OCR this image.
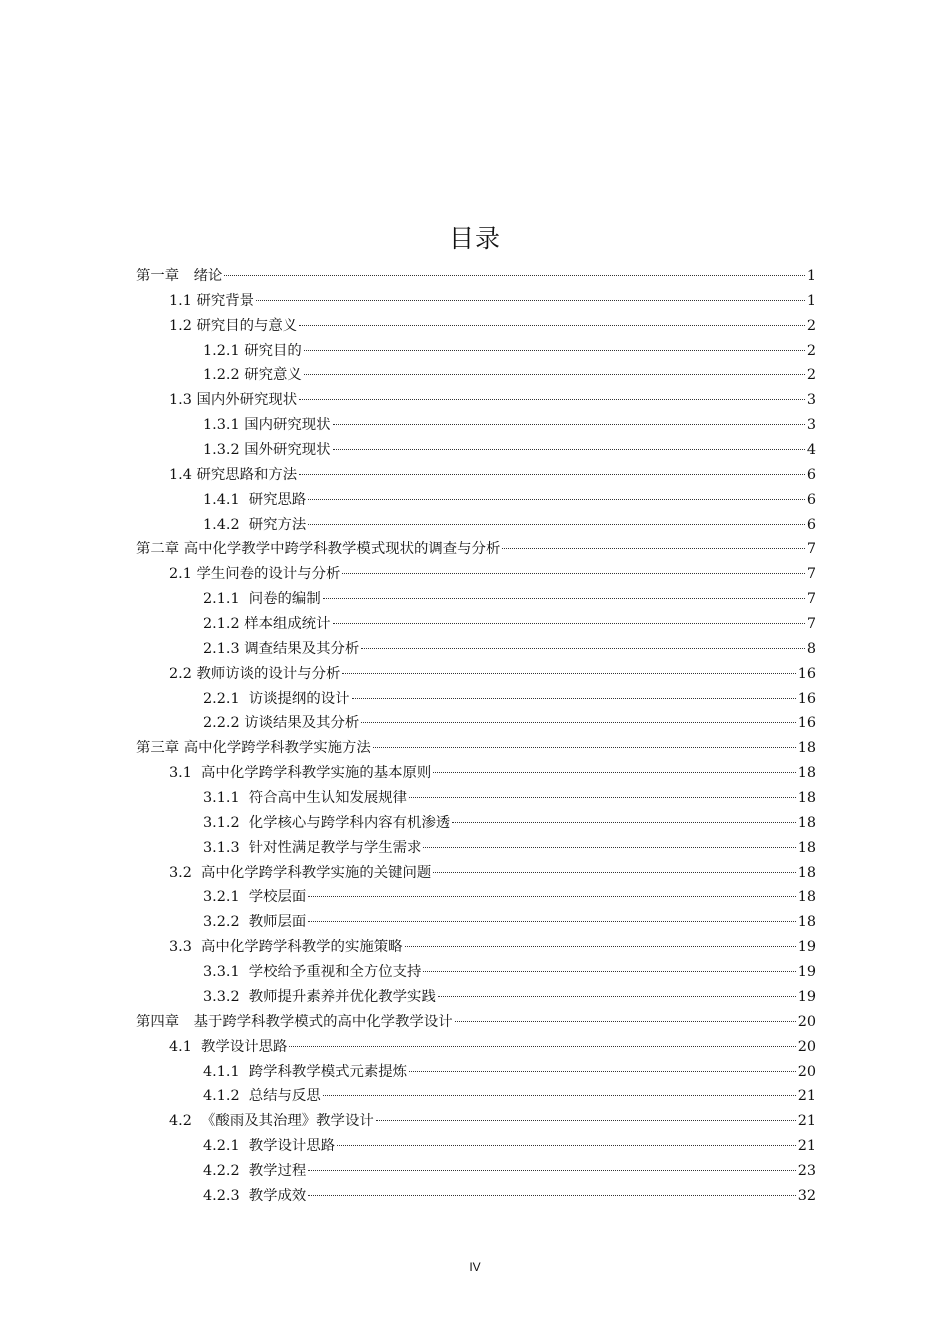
目录
第一章　绪论	1
1.1 研究背景	1
1.2 研究目的与意义	2
1.2.1 研究目的	2
1.2.2 研究意义	2
1.3 国内外研究现状	3
1.3.1 国内研究现状	3
1.3.2 国外研究现状	4
1.4 研究思路和方法	6
1.4.1  研究思路	6
1.4.2  研究方法	6
第二章 高中化学教学中跨学科教学模式现状的调查与分析	7
2.1 学生问卷的设计与分析	7
2.1.1  问卷的编制	7
2.1.2 样本组成统计	7
2.1.3 调查结果及其分析	8
2.2 教师访谈的设计与分析	16
2.2.1  访谈提纲的设计	16
2.2.2 访谈结果及其分析	16
第三章 高中化学跨学科教学实施方法	18
3.1  高中化学跨学科教学实施的基本原则	18
3.1.1  符合高中生认知发展规律	18
3.1.2  化学核心与跨学科内容有机渗透	18
3.1.3  针对性满足教学与学生需求	18
3.2  高中化学跨学科教学实施的关键问题	18
3.2.1  学校层面	18
3.2.2  教师层面	18
3.3  高中化学跨学科教学的实施策略	19
3.3.1  学校给予重视和全方位支持	19
3.3.2  教师提升素养并优化教学实践	19
第四章　基于跨学科教学模式的高中化学教学设计	20
4.1  教学设计思路	20
4.1.1  跨学科教学模式元素提炼	20
4.1.2  总结与反思	21
4.2  《酸雨及其治理》教学设计	21
4.2.1  教学设计思路	21
4.2.2  教学过程	23
4.2.3  教学成效	32
IV
